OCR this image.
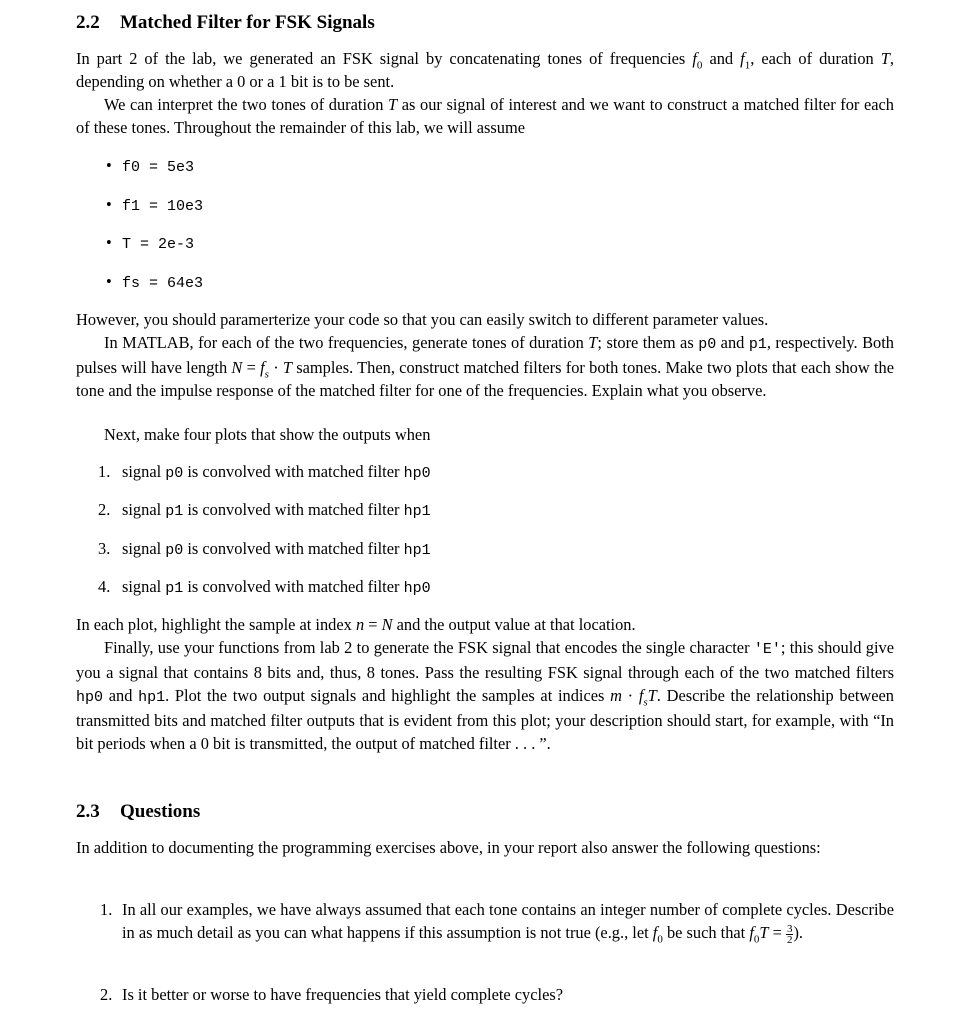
2.2 Matched Filter for FSK Signals
In part 2 of the lab, we generated an FSK signal by concatenating tones of frequencies $f_0$ and $f_1$, each of duration T, depending on whether a 0 or a 1 bit is to be sent.
We can interpret the two tones of duration T as our signal of interest and we want to construct a matched filter for each of these tones. Throughout the remainder of this lab, we will assume
• f0 = 5e3
• f1 = 10e3
• T = 2e-3
• fs = 64e3
However, you should paramerterize your code so that you can easily switch to different parameter values.
In MATLAB, for each of the two frequencies, generate tones of duration T; store them as p0 and p1, respectively. Both pulses will have length $N = f_s \cdot T$ samples. Then, construct matched filters for both tones. Make two plots that each show the tone and the impulse response of the matched filter for one of the frequencies. Explain what you observe.
Next, make four plots that show the outputs when
1. signal p0 is convolved with matched filter hp0
2. signal p1 is convolved with matched filter hp1
3. signal p0 is convolved with matched filter hp1
4. signal p1 is convolved with matched filter hp0
In each plot, highlight the sample at index n = N and the output value at that location.
Finally, use your functions from lab 2 to generate the FSK signal that encodes the single character 'E'; this should give you a signal that contains 8 bits and, thus, 8 tones. Pass the resulting FSK signal through each of the two matched filters hp0 and hp1. Plot the two output signals and highlight the samples at indices $m \cdot f_sT$. Describe the relationship between transmitted bits and matched filter outputs that is evident from this plot; your description should start, for example, with “In bit periods when a 0 bit is transmitted, the output of matched filter . . . ”.
2.3 Questions
In addition to documenting the programming exercises above, in your report also answer the following questions:
1. In all our examples, we have always assumed that each tone contains an integer number of complete cycles. Describe in as much detail as you can what happens if this assumption is not true (e.g., let $f_0$ be such that $f_0T = \frac{3}{2}$ ).
2. Is it better or worse to have frequencies that yield complete cycles?
